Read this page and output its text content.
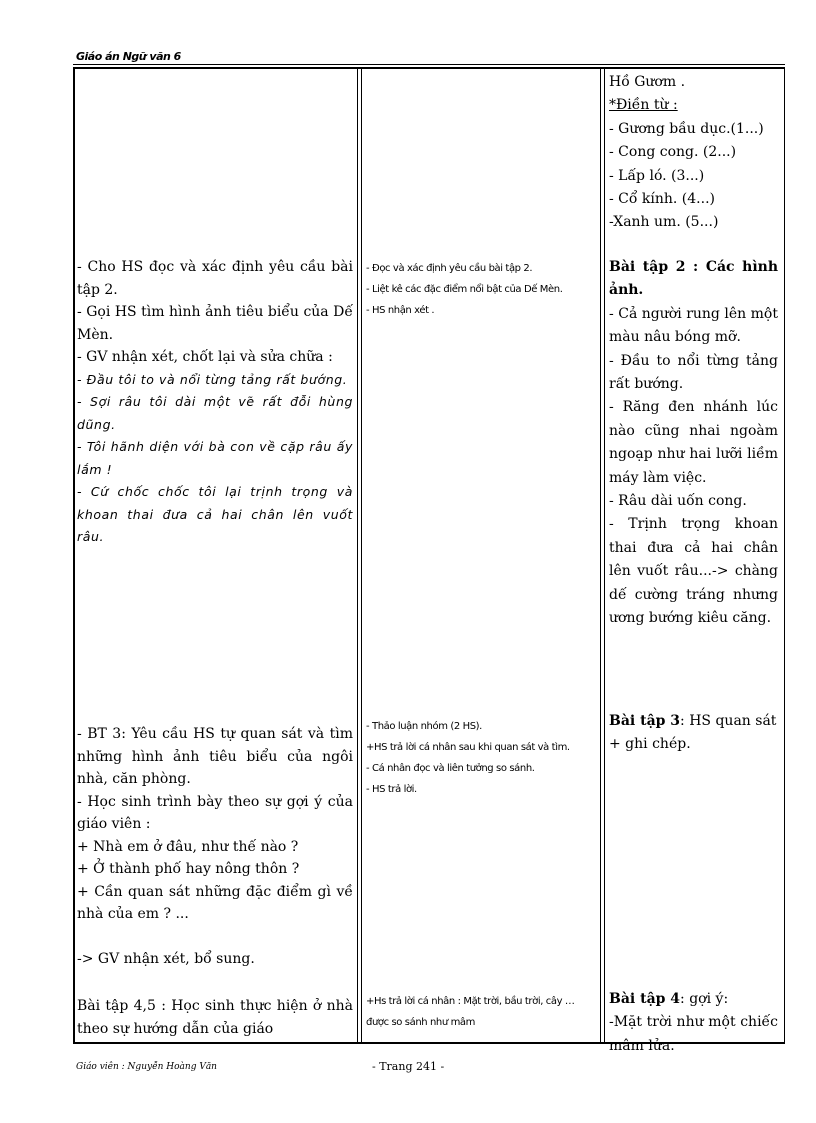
Giáo án Ngữ văn 6

Hồ Gươm .

*Điền từ :

- Gương bầu dục.(1...)

- Cong cong. (2...)

- Lấp ló. (3...)

- Cổ kính. (4...)

-Xanh um. (5...)

- Cho HS đọc và xác định yêu cầu bài tập 2.

- Gọi HS tìm hình ảnh tiêu biểu của Dế Mèn.

- GV nhận xét, chốt lại và sửa chữa :

- Đầu tôi to và nổi từng tảng rất bướng.

- Sợi râu tôi dài một vẽ rất đỗi hùng dũng.

- Tôi hãnh diện với bà con về cặp râu ấy lắm !

- Cứ chốc chốc tôi lại trịnh trọng và khoan thai đưa cả hai chân lên vuốt râu.

- Đọc và xác định yêu cầu bài tập 2.

- Liệt kê các đặc điểm nổi bật của Dế Mèn.

- HS nhận xét .

Bài tập 2 : Các hình ảnh.

- Cả người rung lên một màu nâu bóng mỡ.

- Đầu to nổi từng tảng rất bướng.

- Răng đen nhánh lúc nào cũng nhai ngoàm ngoạp như hai lưỡi liềm máy làm việc.

- Râu dài uốn cong.

- Trịnh trọng khoan thai đưa cả hai chân lên vuốt râu...-> chàng dế cường tráng nhưng ương bướng kiêu căng.

- BT 3: Yêu cầu HS tự quan sát và tìm những hình ảnh tiêu biểu của ngôi nhà, căn phòng.

- Học sinh trình bày theo sự gợi ý của giáo viên :

+ Nhà em ở đâu, như thế nào ?

+ Ở thành phố hay nông thôn ?

+ Cần quan sát những đặc điểm gì về nhà của em ? ...

-> GV nhận xét, bổ sung.

- Thảo luận nhóm (2 HS).

+HS trả lời cá nhân sau khi quan sát và tìm.

- Cá nhân đọc và liên tưởng so sánh.

- HS trả lời.

Bài tập 3: HS quan sát + ghi chép.

Bài tập 4,5 : Học sinh thực hiện ở nhà theo sự hướng dẫn của giáo

+Hs trả lời cá nhân : Mặt trời, bầu trời, cây … được so sánh như mâm

Bài tập 4: gợi ý:

-Mặt trời như một chiếc mâm lửa.

Giáo viên : Nguyễn Hoàng Văn	- Trang 241 -
